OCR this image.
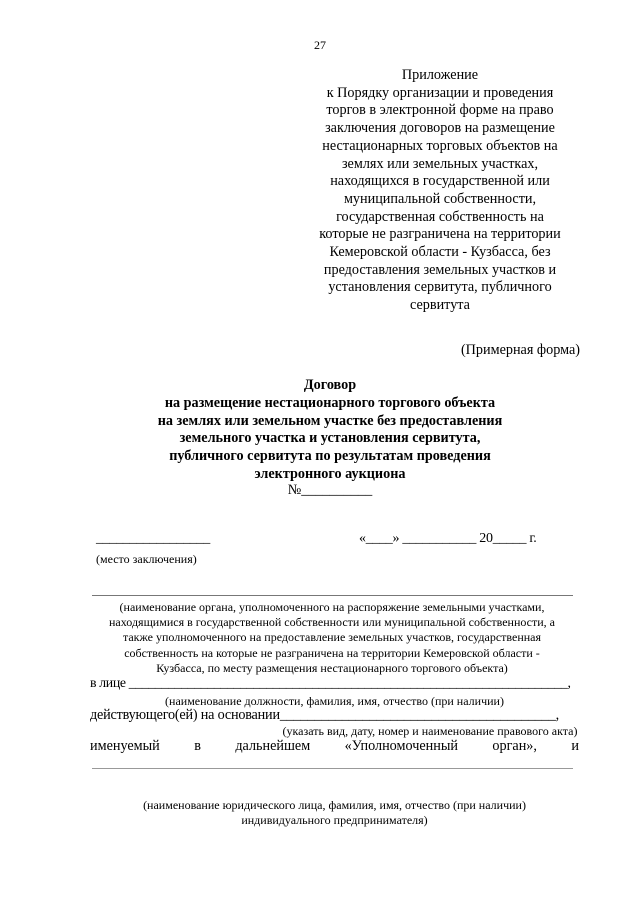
27
Приложение
к Порядку организации и проведения
торгов в электронной форме на право
заключения договоров на размещение
нестационарных торговых объектов на
землях или земельных участках,
находящихся в государственной или
муниципальной собственности,
государственная собственность на
которые не разграничена на территории
Кемеровской области - Кузбасса, без
предоставления земельных участков и
установления сервитута, публичного
сервитута
(Примерная форма)
Договор
на размещение нестационарного торгового объекта
на землях или земельном участке без предоставления
земельного участка и установления сервитута,
публичного сервитута по результатам проведения
электронного аукциона
№__________
_________________	«____» ___________ 20_____ г.
(место заключения)
(наименование органа, уполномоченного на распоряжение земельными участками,
находящимися в государственной собственности или муниципальной собственности, а
также уполномоченного на предоставление земельных участков, государственная
собственность на которые не разграничена на территории Кемеровской области -
Кузбасса, по месту размещения нестационарного торгового объекта)
в лице ___________________________________________________________________,
(наименование должности, фамилия, имя, отчество (при наличии)
действующего(ей) на основании________________________________________,
(указать вид, дату, номер и наименование правового акта)
именуемый в дальнейшем «Уполномоченный орган», и
(наименование юридического лица, фамилия, имя, отчество (при наличии)
индивидуального предпринимателя)
